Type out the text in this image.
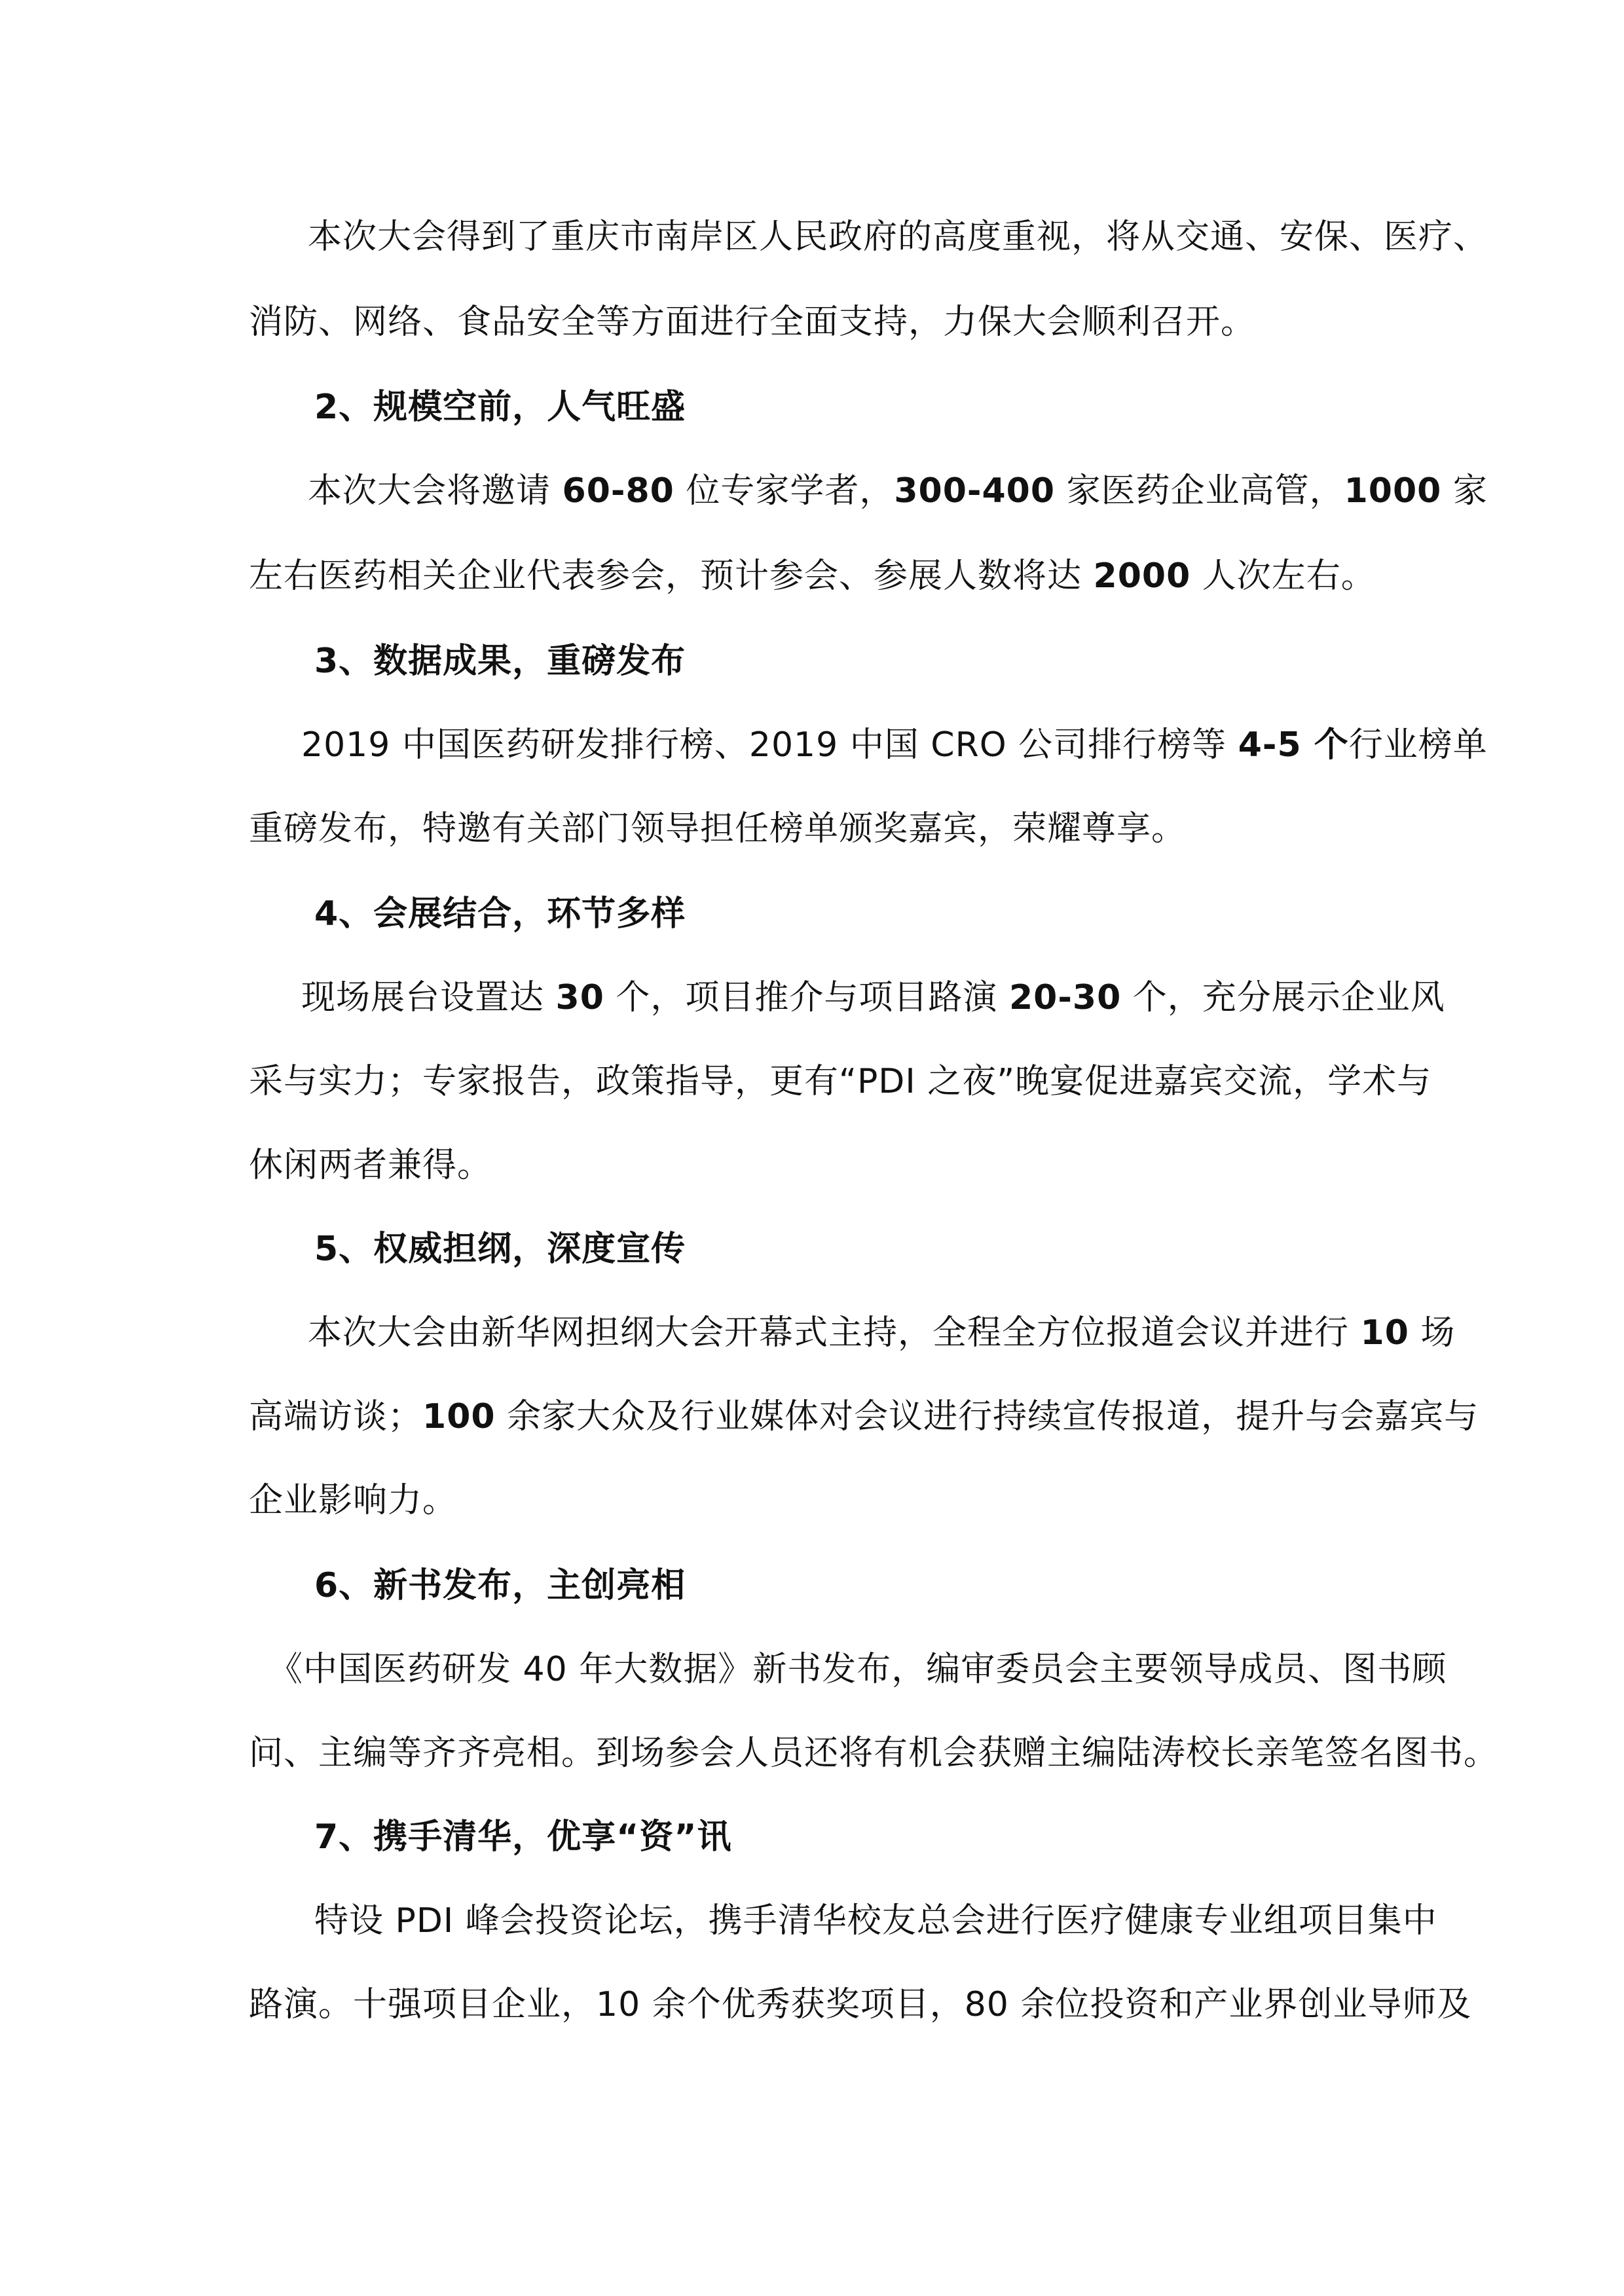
本次大会得到了重庆市南岸区人民政府的高度重视，将从交通、安保、医疗、
消防、网络、食品安全等方面进行全面支持，力保大会顺利召开。
2、规模空前，人气旺盛
本次大会将邀请 60-80 位专家学者，300-400 家医药企业高管，1000 家
左右医药相关企业代表参会，预计参会、参展人数将达 2000 人次左右。
3、数据成果，重磅发布
2019 中国医药研发排行榜、2019 中国 CRO 公司排行榜等 4-5 个行业榜单
重磅发布，特邀有关部门领导担任榜单颁奖嘉宾，荣耀尊享。
4、会展结合，环节多样
现场展台设置达 30 个，项目推介与项目路演 20-30 个，充分展示企业风
采与实力；专家报告，政策指导，更有“PDI 之夜”晚宴促进嘉宾交流，学术与
休闲两者兼得。
5、权威担纲，深度宣传
本次大会由新华网担纲大会开幕式主持，全程全方位报道会议并进行 10 场
高端访谈；100 余家大众及行业媒体对会议进行持续宣传报道，提升与会嘉宾与
企业影响力。
6、新书发布，主创亮相
《中国医药研发 40 年大数据》新书发布，编审委员会主要领导成员、图书顾
问、主编等齐齐亮相。到场参会人员还将有机会获赠主编陆涛校长亲笔签名图书。
7、携手清华，优享“资”讯
特设 PDI 峰会投资论坛，携手清华校友总会进行医疗健康专业组项目集中
路演。十强项目企业，10 余个优秀获奖项目，80 余位投资和产业界创业导师及
